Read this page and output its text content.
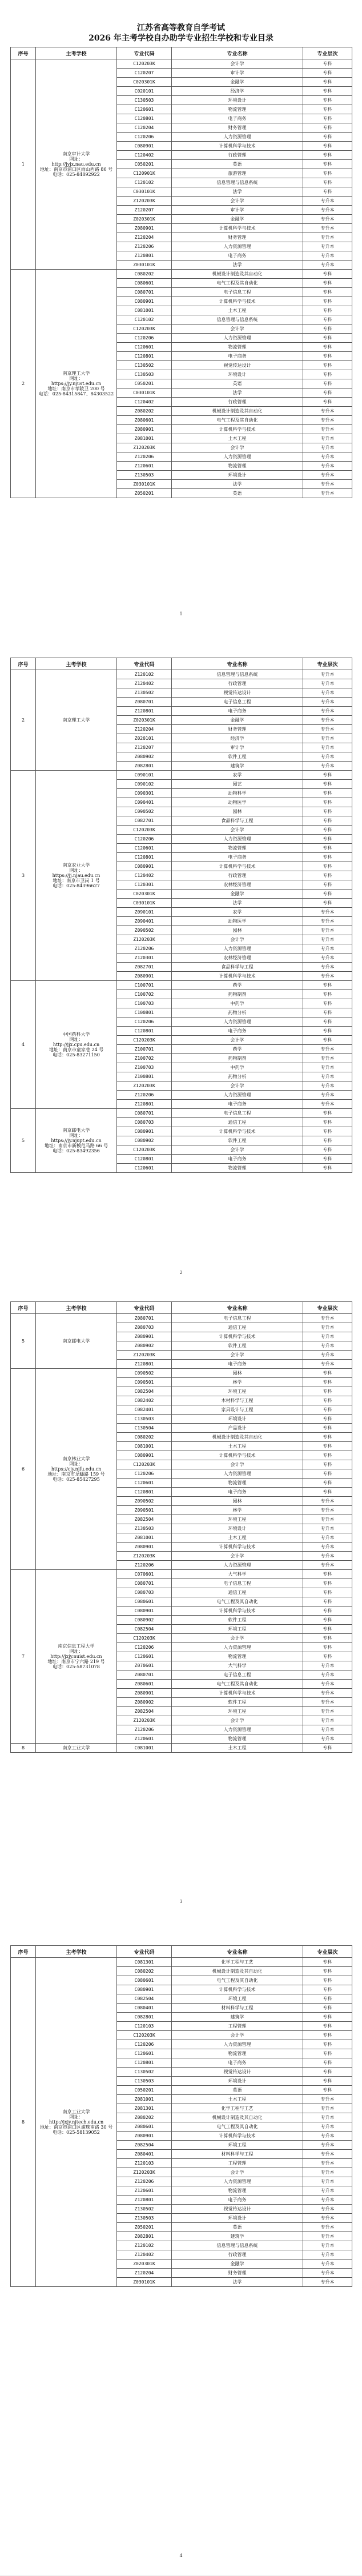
江苏省高等教育自学考试

2026 年主考学校自办助学专业招生学校和专业目录

序号	主考学校	专业代码	专业名称	专业层次
1	南京审计大学
网址：
http://jyjx.nau.edu.cn
地址：南京市浦口区雨山西路 86 号
电话：025-84892922	C120203K	会计学	专科
		C120207	审计学	专科
		C020301K	金融学	专科
		C020101	经济学	专科
		C130503	环境设计	专科
		C120601	物流管理	专科
		C120801	电子商务	专科
		C120204	财务管理	专科
		C120206	人力资源管理	专科
		C080901	计算机科学与技术	专科
		C120402	行政管理	专科
		C050201	英语	专科
		C120901K	旅游管理	专科
		C120102	信息管理与信息系统	专科
		C030101K	法学	专科
		Z120203K	会计学	专升本
		Z120207	审计学	专升本
		Z020301K	金融学	专升本
		Z080901	计算机科学与技术	专升本
		Z120204	财务管理	专升本
		Z120206	人力资源管理	专升本
		Z120801	电子商务	专升本
		Z030101K	法学	专升本
2	南京理工大学
网址：
https://jy.njust.edu.cn
地址：南京市孝陵卫 200 号
电话：025-84315847、84303522	C080202	机械设计制造及其自动化	专科
		C080601	电气工程及其自动化	专科
		C080701	电子信息工程	专科
		C080901	计算机科学与技术	专科
		C081001	土木工程	专科
		C120102	信息管理与信息系统	专科
		C120203K	会计学	专科
		C120206	人力资源管理	专科
		C120601	物流管理	专科
		C120801	电子商务	专科
		C130502	视觉传达设计	专科
		C130503	环境设计	专科
		C050201	英语	专科
		C030101K	法学	专科
		C120402	行政管理	专科
		Z080202	机械设计制造及其自动化	专升本
		Z080601	电气工程及其自动化	专升本
		Z080901	计算机科学与技术	专升本
		Z081001	土木工程	专升本
		Z120203K	会计学	专升本
		Z120206	人力资源管理	专升本
		Z120601	物流管理	专升本
		Z130503	环境设计	专升本
		Z030101K	法学	专升本
		Z050201	英语	专升本
1
序号	主考学校	专业代码	专业名称	专业层次
2	南京理工大学	Z120102	信息管理与信息系统	专升本
		Z120402	行政管理	专升本
		Z130502	视觉传达设计	专升本
		Z080701	电子信息工程	专升本
		Z120801	电子商务	专升本
		Z020301K	金融学	专升本
		Z120204	财务管理	专升本
		Z020101	经济学	专升本
		Z120207	审计学	专升本
		Z080902	软件工程	专升本
		Z082801	建筑学	专升本
3	南京农业大学
网址：
https://jj.njau.edu.cn
地址：南京市卫岗 1 号
电话：025-84396627	C090101	农学	专科
		C090102	园艺	专科
		C090301	动物科学	专科
		C090401	动物医学	专科
		C090502	园林	专科
		C082701	食品科学与工程	专科
		C120203K	会计学	专科
		C120206	人力资源管理	专科
		C120601	物流管理	专科
		C120801	电子商务	专科
		C080901	计算机科学与技术	专科
		C120402	行政管理	专科
		C120301	农林经济管理	专科
		C020301K	金融学	专科
		C030101K	法学	专科
		Z090101	农学	专升本
		Z090401	动物医学	专升本
		Z090502	园林	专升本
		Z120203K	会计学	专升本
		Z120206	人力资源管理	专升本
		Z120301	农林经济管理	专升本
		Z082701	食品科学与工程	专升本
		Z080901	计算机科学与技术	专升本
4	中国药科大学
网址：
http://jjx.cpu.edu.cn
地址：南京市童家巷 24 号
电话：025-83271150	C100701	药学	专科
		C100702	药物制剂	专科
		C100703	中药学	专科
		C100801	药物分析	专科
		C120206	人力资源管理	专科
		C120801	电子商务	专科
		C120203K	会计学	专科
		Z100701	药学	专升本
		Z100702	药物制剂	专升本
		Z100703	中药学	专升本
		Z100801	药物分析	专升本
		Z120203K	会计学	专升本
		Z120206	人力资源管理	专升本
		Z120801	电子商务	专升本
5	南京邮电大学
网址：
https://jy.njupt.edu.cn
地址：南京市新模范马路 66 号
电话：025-83492356	C080701	电子信息工程	专科
		C080703	通信工程	专科
		C080901	计算机科学与技术	专科
		C080902	软件工程	专科
		C120203K	会计学	专科
		C120801	电子商务	专科
		C120601	物流管理	专科
2
序号	主考学校	专业代码	专业名称	专业层次
5	南京邮电大学	Z080701	电子信息工程	专升本
		Z080703	通信工程	专升本
		Z080901	计算机科学与技术	专升本
		Z080902	软件工程	专升本
		Z120203K	会计学	专升本
		Z120801	电子商务	专升本
6	南京林业大学
网址：
https://cjy.njfu.edu.cn
地址：南京市龙蟠路 159 号
电话：025-85427295	C090502	园林	专科
		C090501	林学	专科
		C082504	环境工程	专科
		C082402	木材科学与工程	专科
		C082401	家具设计与工程	专科
		C130503	环境设计	专科
		C130504	产品设计	专科
		C080202	机械设计制造及其自动化	专科
		C081001	土木工程	专科
		C080901	计算机科学与技术	专科
		C120203K	会计学	专科
		C120206	人力资源管理	专科
		C120601	物流管理	专科
		C120801	电子商务	专科
		Z090502	园林	专升本
		Z090501	林学	专升本
		Z082504	环境工程	专升本
		Z130503	环境设计	专升本
		Z081001	土木工程	专升本
		Z080901	计算机科学与技术	专升本
		Z120203K	会计学	专升本
		Z120206	人力资源管理	专升本
7	南京信息工程大学
网址：
http://jxjy.nuist.edu.cn
地址：南京市宁六路 219 号
电话：025-58731078	C070601	大气科学	专科
		C080701	电子信息工程	专科
		C080703	通信工程	专科
		C080601	电气工程及其自动化	专科
		C080901	计算机科学与技术	专科
		C080902	软件工程	专科
		C082504	环境工程	专科
		C120203K	会计学	专科
		C120206	人力资源管理	专科
		C120601	物流管理	专科
		Z070601	大气科学	专升本
		Z080701	电子信息工程	专升本
		Z080601	电气工程及其自动化	专升本
		Z080901	计算机科学与技术	专升本
		Z080902	软件工程	专升本
		Z082504	环境工程	专升本
		Z120203K	会计学	专升本
		Z120206	人力资源管理	专升本
		Z120601	物流管理	专升本
8	南京工业大学	C081001	土木工程	专科
3
序号	主考学校	专业代码	专业名称	专业层次
8	南京工业大学
网址：
http://jxjy.njtech.edu.cn
地址：南京市浦口区浦珠南路 30 号
电话：025-58139052	C081301	化学工程与工艺	专科
		C080202	机械设计制造及其自动化	专科
		C080601	电气工程及其自动化	专科
		C080901	计算机科学与技术	专科
		C082504	环境工程	专科
		C080401	材料科学与工程	专科
		C082801	建筑学	专科
		C120103	工程管理	专科
		C120203K	会计学	专科
		C120206	人力资源管理	专科
		C120601	物流管理	专科
		C120801	电子商务	专科
		C130502	视觉传达设计	专科
		C130503	环境设计	专科
		C050201	英语	专科
		Z081001	土木工程	专升本
		Z081301	化学工程与工艺	专升本
		Z080202	机械设计制造及其自动化	专升本
		Z080601	电气工程及其自动化	专升本
		Z080901	计算机科学与技术	专升本
		Z082504	环境工程	专升本
		Z080401	材料科学与工程	专升本
		Z120103	工程管理	专升本
		Z120203K	会计学	专升本
		Z120206	人力资源管理	专升本
		Z120601	物流管理	专升本
		Z120801	电子商务	专升本
		Z130502	视觉传达设计	专升本
		Z130503	环境设计	专升本
		Z050201	英语	专升本
		Z082801	建筑学	专升本
		Z120102	信息管理与信息系统	专升本
		Z120402	行政管理	专升本
		Z020301K	金融学	专升本
		Z120204	财务管理	专升本
		Z030101K	法学	专升本
4
